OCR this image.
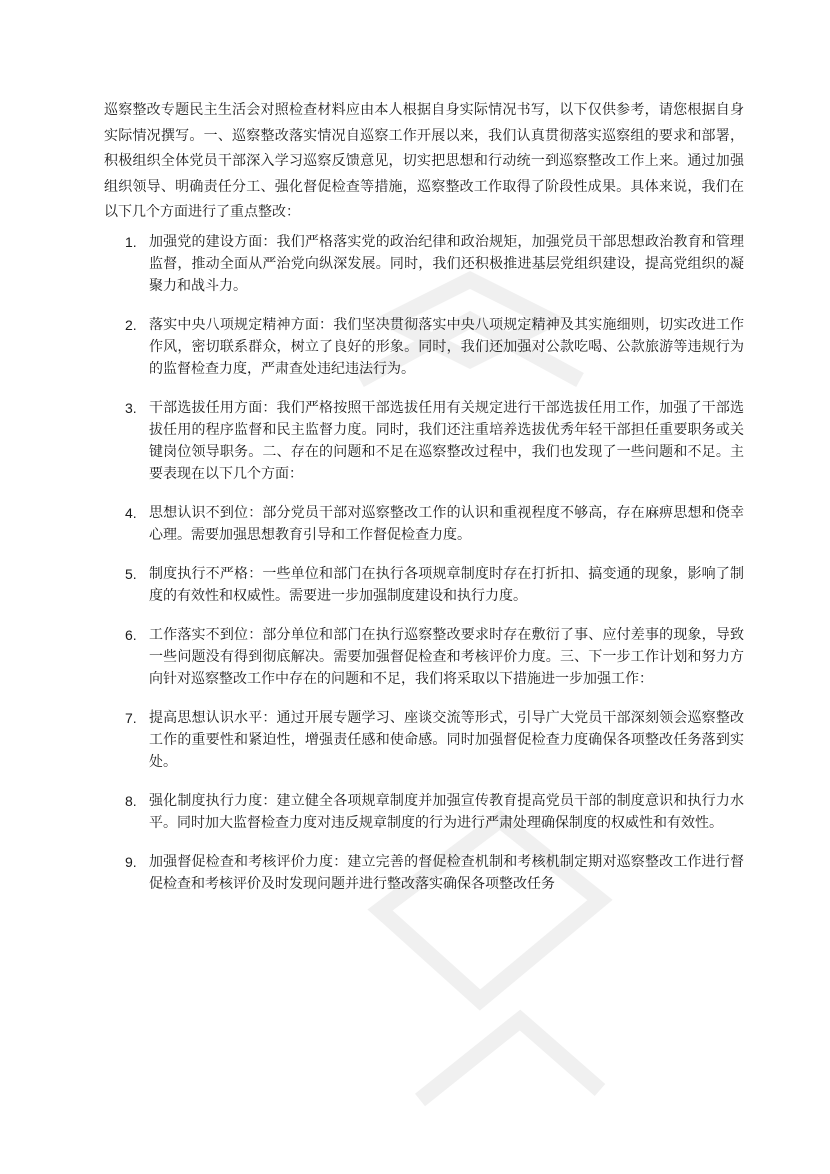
巡察整改专题民主生活会对照检查材料应由本人根据自身实际情况书写，以下仅供参考，请您根据自身实际情况撰写。一、巡察整改落实情况自巡察工作开展以来，我们认真贯彻落实巡察组的要求和部署，积极组织全体党员干部深入学习巡察反馈意见，切实把思想和行动统一到巡察整改工作上来。通过加强组织领导、明确责任分工、强化督促检查等措施，巡察整改工作取得了阶段性成果。具体来说，我们在以下几个方面进行了重点整改：

1. 加强党的建设方面：我们严格落实党的政治纪律和政治规矩，加强党员干部思想政治教育和管理监督，推动全面从严治党向纵深发展。同时，我们还积极推进基层党组织建设，提高党组织的凝聚力和战斗力。
2. 落实中央八项规定精神方面：我们坚决贯彻落实中央八项规定精神及其实施细则，切实改进工作作风，密切联系群众，树立了良好的形象。同时，我们还加强对公款吃喝、公款旅游等违规行为的监督检查力度，严肃查处违纪违法行为。
3. 干部选拔任用方面：我们严格按照干部选拔任用有关规定进行干部选拔任用工作，加强了干部选拔任用的程序监督和民主监督力度。同时，我们还注重培养选拔优秀年轻干部担任重要职务或关键岗位领导职务。二、存在的问题和不足在巡察整改过程中，我们也发现了一些问题和不足。主要表现在以下几个方面：
4. 思想认识不到位：部分党员干部对巡察整改工作的认识和重视程度不够高，存在麻痹思想和侥幸心理。需要加强思想教育引导和工作督促检查力度。
5. 制度执行不严格：一些单位和部门在执行各项规章制度时存在打折扣、搞变通的现象，影响了制度的有效性和权威性。需要进一步加强制度建设和执行力度。
6. 工作落实不到位：部分单位和部门在执行巡察整改要求时存在敷衍了事、应付差事的现象，导致一些问题没有得到彻底解决。需要加强督促检查和考核评价力度。三、下一步工作计划和努力方向针对巡察整改工作中存在的问题和不足，我们将采取以下措施进一步加强工作：
7. 提高思想认识水平：通过开展专题学习、座谈交流等形式，引导广大党员干部深刻领会巡察整改工作的重要性和紧迫性，增强责任感和使命感。同时加强督促检查力度确保各项整改任务落到实处。
8. 强化制度执行力度：建立健全各项规章制度并加强宣传教育提高党员干部的制度意识和执行力水平。同时加大监督检查力度对违反规章制度的行为进行严肃处理确保制度的权威性和有效性。
9. 加强督促检查和考核评价力度：建立完善的督促检查机制和考核机制定期对巡察整改工作进行督促检查和考核评价及时发现问题并进行整改落实确保各项整改任务
